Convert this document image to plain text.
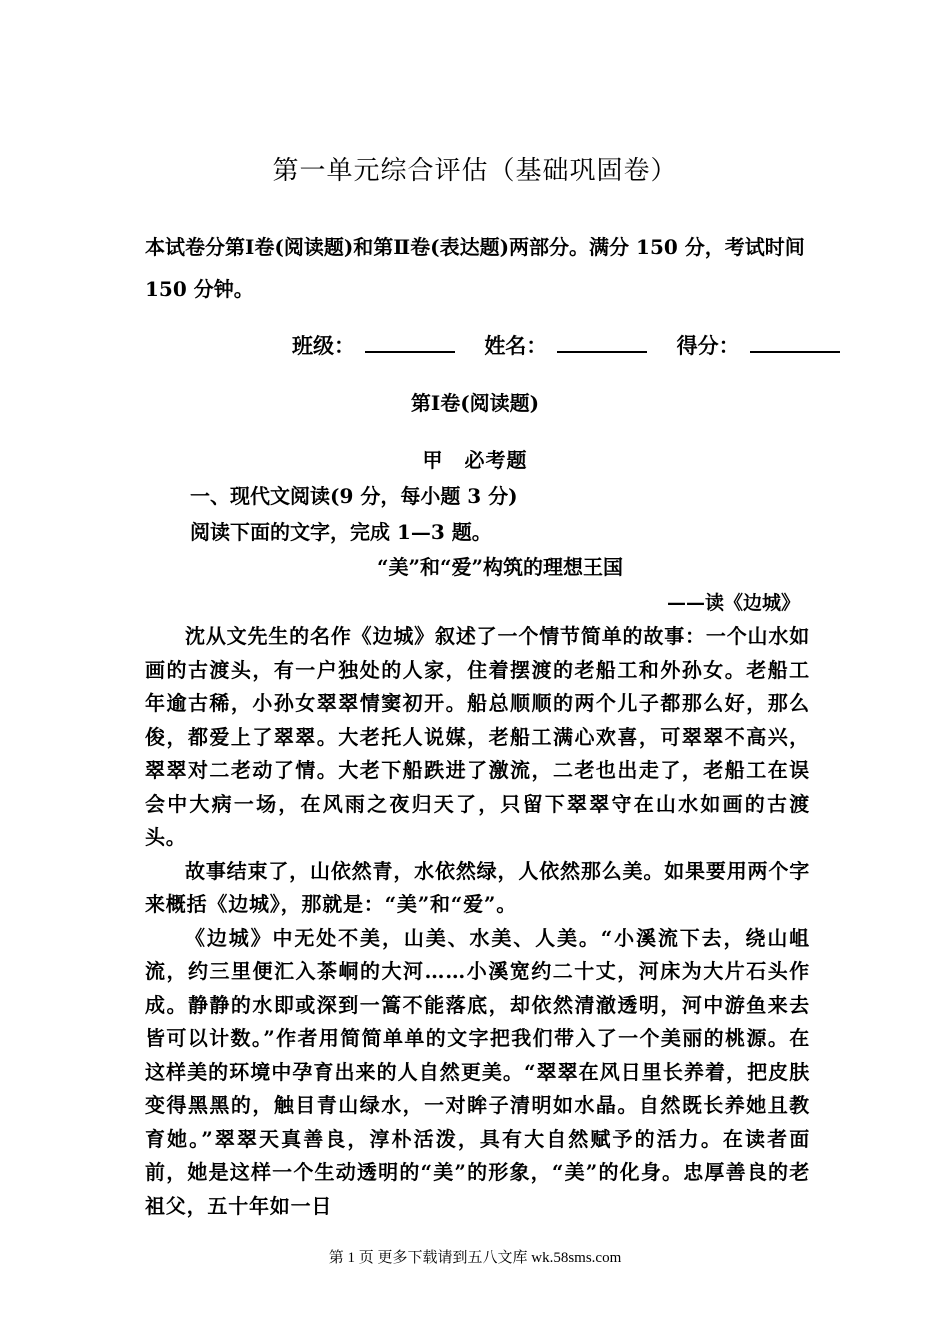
第一单元综合评估（基础巩固卷）
本试卷分第Ⅰ卷(阅读题)和第Ⅱ卷(表达题)两部分。满分 150 分，考试时间 150 分钟。
班级：	姓名：	得分：
第Ⅰ卷(阅读题)
甲　必考题
一、现代文阅读(9 分，每小题 3 分)
阅读下面的文字，完成 1—3 题。
“美”和“爱”构筑的理想王国
——读《边城》

沈从文先生的名作《边城》叙述了一个情节简单的故事：一个山水如画的古渡头，有一户独处的人家，住着摆渡的老船工和外孙女。老船工年逾古稀，小孙女翠翠情窦初开。船总顺顺的两个儿子都那么好，那么俊，都爱上了翠翠。大老托人说媒，老船工满心欢喜，可翠翠不高兴，翠翠对二老动了情。大老下船跌进了激流，二老也出走了，老船工在误会中大病一场，在风雨之夜归天了，只留下翠翠守在山水如画的古渡头。

故事结束了，山依然青，水依然绿，人依然那么美。如果要用两个字来概括《边城》，那就是：“美”和“爱”。

《边城》中无处不美，山美、水美、人美。“小溪流下去，绕山岨流，约三里便汇入茶峒的大河……小溪宽约二十丈，河床为大片石头作成。静静的水即或深到一篙不能落底，却依然清澈透明，河中游鱼来去皆可以计数。”作者用简简单单的文字把我们带入了一个美丽的桃源。在这样美的环境中孕育出来的人自然更美。“翠翠在风日里长养着，把皮肤变得黑黑的，触目青山绿水，一对眸子清明如水晶。自然既长养她且教育她。”翠翠天真善良，淳朴活泼，具有大自然赋予的活力。在读者面前，她是这样一个生动透明的“美”的形象，“美”的化身。忠厚善良的老祖父，五十年如一日

第 1 页 更多下载请到五八文库 wk.58sms.com
